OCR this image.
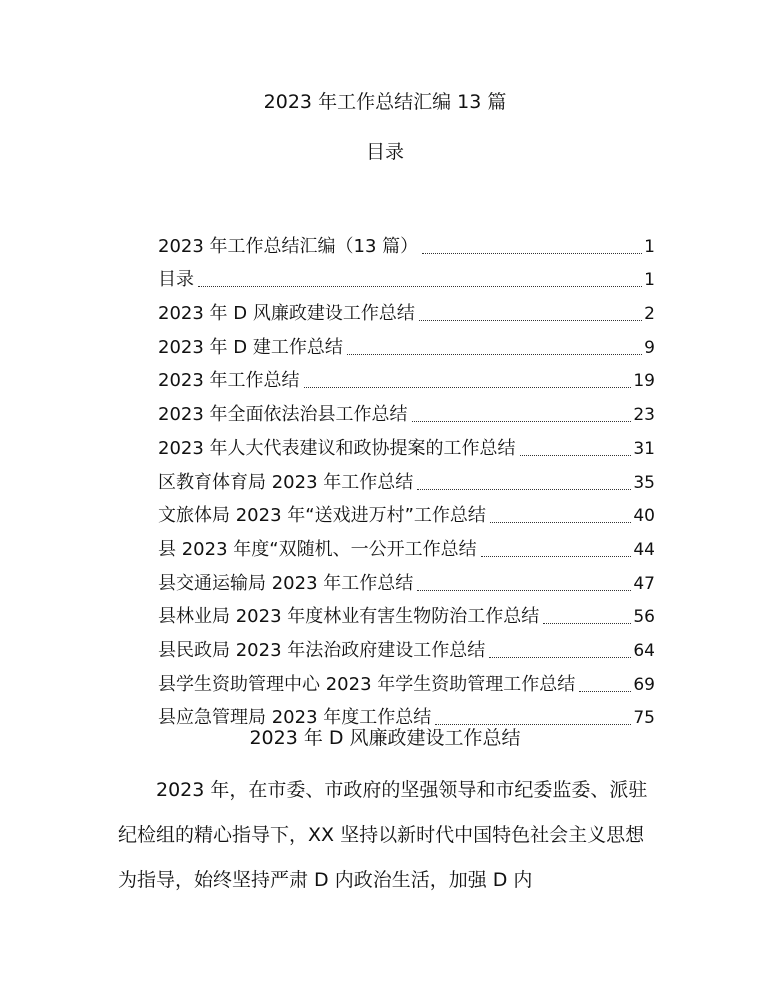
2023 年工作总结汇编 13 篇
目录
2023 年工作总结汇编（13 篇）	1
目录	1
2023 年 D 风廉政建设工作总结	2
2023 年 D 建工作总结	9
2023 年工作总结	19
2023 年全面依法治县工作总结	23
2023 年人大代表建议和政协提案的工作总结	31
区教育体育局 2023 年工作总结	35
文旅体局 2023 年“送戏进万村”工作总结	40
县 2023 年度“双随机、一公开工作总结	44
县交通运输局 2023 年工作总结	47
县林业局 2023 年度林业有害生物防治工作总结	56
县民政局 2023 年法治政府建设工作总结	64
县学生资助管理中心 2023 年学生资助管理工作总结	69
县应急管理局 2023 年度工作总结	75
2023 年 D 风廉政建设工作总结

2023 年，在市委、市政府的坚强领导和市纪委监委、派驻纪检组的精心指导下，XX 坚持以新时代中国特色社会主义思想为指导，始终坚持严肃 D 内政治生活，加强 D 内
